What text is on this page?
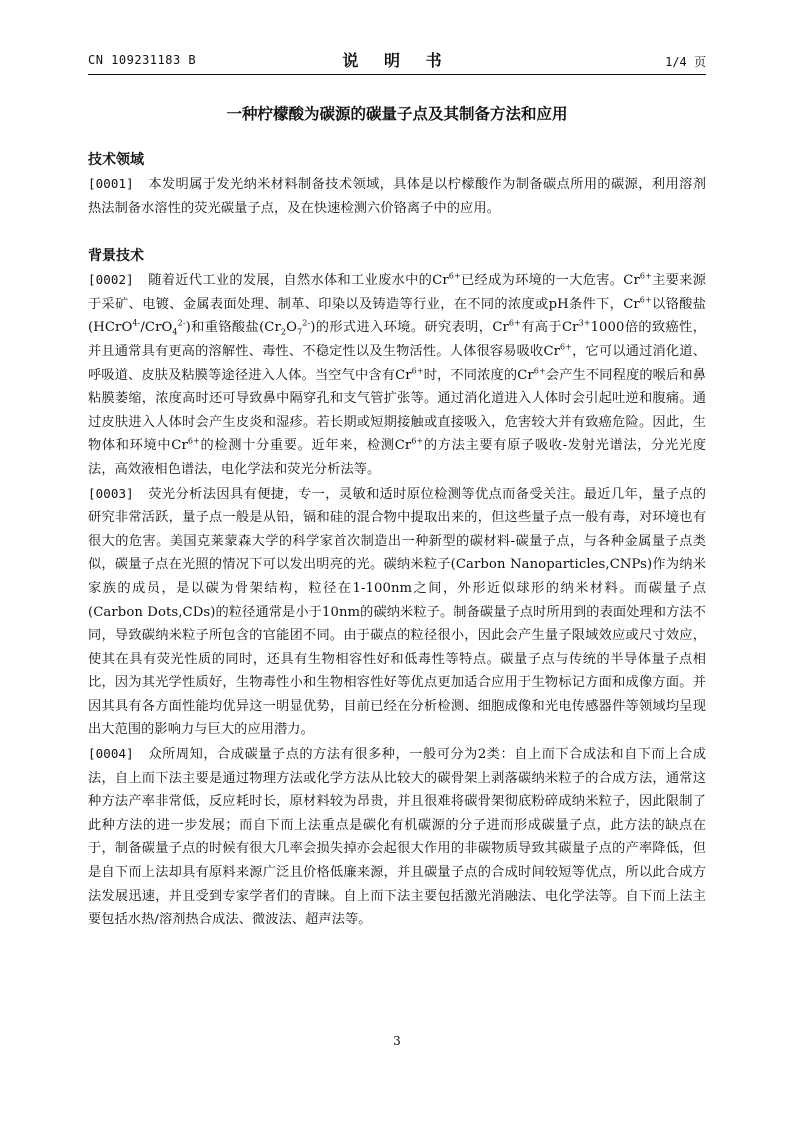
CN 109231183 B	说 明 书	1/4 页
一种柠檬酸为碳源的碳量子点及其制备方法和应用
技术领域

[0001] 本发明属于发光纳米材料制备技术领域，具体是以柠檬酸作为制备碳点所用的碳源，利用溶剂热法制备水溶性的荧光碳量子点，及在快速检测六价铬离子中的应用。

背景技术

[0002] 随着近代工业的发展，自然水体和工业废水中的$Cr^{6+}$已经成为环境的一大危害。$Cr^{6+}$主要来源于采矿、电镀、金属表面处理、制革、印染以及铸造等行业，在不同的浓度或pH条件下，$Cr^{6+}$以铬酸盐(HCrO$^{4-}$/CrO$_4^{2-}$)和重铬酸盐$(Cr_2O_7^{2-})$的形式进入环境。研究表明，$Cr^{6+}$有高于$Cr^{3+}1000$倍的致癌性，并且通常具有更高的溶解性、毒性、不稳定性以及生物活性。人体很容易吸收$Cr^{6+}$，它可以通过消化道、呼吸道、皮肤及粘膜等途径进入人体。当空气中含有$Cr^{6+}$时，不同浓度的$Cr^{6+}$会产生不同程度的喉后和鼻粘膜萎缩，浓度高时还可导致鼻中隔穿孔和支气管扩张等。通过消化道进入人体时会引起吐逆和腹痛。通过皮肤进入人体时会产生皮炎和湿疹。若长期或短期接触或直接吸入，危害较大并有致癌危险。因此，生物体和环境中$Cr^{6+}$的检测十分重要。近年来，检测$Cr^{6+}$的方法主要有原子吸收-发射光谱法，分光光度法，高效液相色谱法，电化学法和荧光分析法等。

[0003] 荧光分析法因具有便捷，专一，灵敏和适时原位检测等优点而备受关注。最近几年，量子点的研究非常活跃，量子点一般是从铅，镉和硅的混合物中提取出来的，但这些量子点一般有毒，对环境也有很大的危害。美国克莱蒙森大学的科学家首次制造出一种新型的碳材料-碳量子点，与各种金属量子点类似，碳量子点在光照的情况下可以发出明亮的光。碳纳米粒子(Carbon Nanoparticles,CNPs)作为纳米家族的成员，是以碳为骨架结构，粒径在1-100nm之间，外形近似球形的纳米材料。而碳量子点(Carbon Dots,CDs)的粒径通常是小于10nm的碳纳米粒子。制备碳量子点时所用到的表面处理和方法不同，导致碳纳米粒子所包含的官能团不同。由于碳点的粒径很小，因此会产生量子限域效应或尺寸效应，使其在具有荧光性质的同时，还具有生物相容性好和低毒性等特点。碳量子点与传统的半导体量子点相比，因为其光学性质好，生物毒性小和生物相容性好等优点更加适合应用于生物标记方面和成像方面。并因其具有各方面性能均优异这一明显优势，目前已经在分析检测、细胞成像和光电传感器件等领域均呈现出大范围的影响力与巨大的应用潜力。

[0004] 众所周知，合成碳量子点的方法有很多种，一般可分为2类：自上而下合成法和自下而上合成法，自上而下法主要是通过物理方法或化学方法从比较大的碳骨架上剥落碳纳米粒子的合成方法，通常这种方法产率非常低，反应耗时长，原材料较为昂贵，并且很难将碳骨架彻底粉碎成纳米粒子，因此限制了此种方法的进一步发展；而自下而上法重点是碳化有机碳源的分子进而形成碳量子点，此方法的缺点在于，制备碳量子点的时候有很大几率会损失掉亦会起很大作用的非碳物质导致其碳量子点的产率降低，但是自下而上法却具有原料来源广泛且价格低廉来源，并且碳量子点的合成时间较短等优点，所以此合成方法发展迅速，并且受到专家学者们的青睐。自上而下法主要包括激光消融法、电化学法等。自下而上法主要包括水热/溶剂热合成法、微波法、超声法等。

3
